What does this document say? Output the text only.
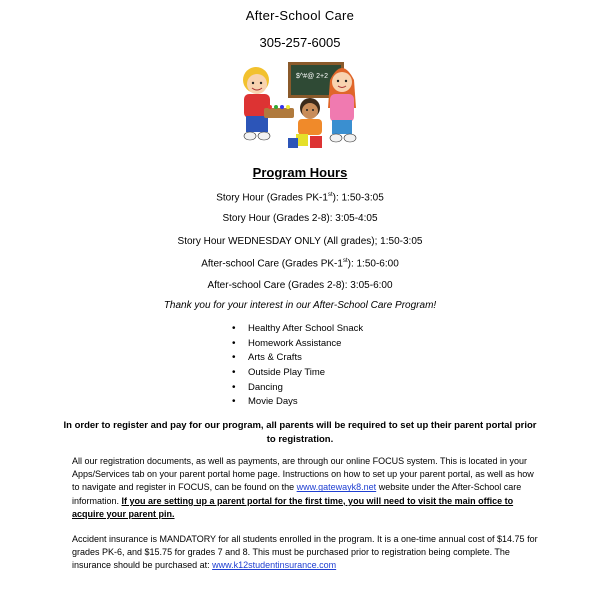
After-School Care
305-257-6005
$^#@ 2+2
Program Hours
Story Hour (Grades PK-1st): 1:50-3:05
Story Hour (Grades 2-8): 3:05-4:05
Story Hour WEDNESDAY ONLY (All grades); 1:50-3:05
After-school Care (Grades PK-1st): 1:50-6:00
After-school Care (Grades 2-8): 3:05-6:00
Thank you for your interest in our After-School Care Program!
• Healthy After School Snack
• Homework Assistance
• Arts & Crafts
• Outside Play Time
• Dancing
• Movie Days
In order to register and pay for our program, all parents will be required to set up their parent portal prior to registration.
All our registration documents, as well as payments, are through our online FOCUS system. This is located in your Apps/Services tab on your parent portal home page. Instructions on how to set up your parent portal, as well as how to navigate and register in FOCUS, can be found on the www.gatewayk8.net website under the After-School care information. If you are setting up a parent portal for the first time, you will need to visit the main office to acquire your parent pin.
Accident insurance is MANDATORY for all students enrolled in the program. It is a one-time annual cost of $14.75 for grades PK-6, and $15.75 for grades 7 and 8. This must be purchased prior to registration being complete. The insurance should be purchased at: www.k12studentinsurance.com
